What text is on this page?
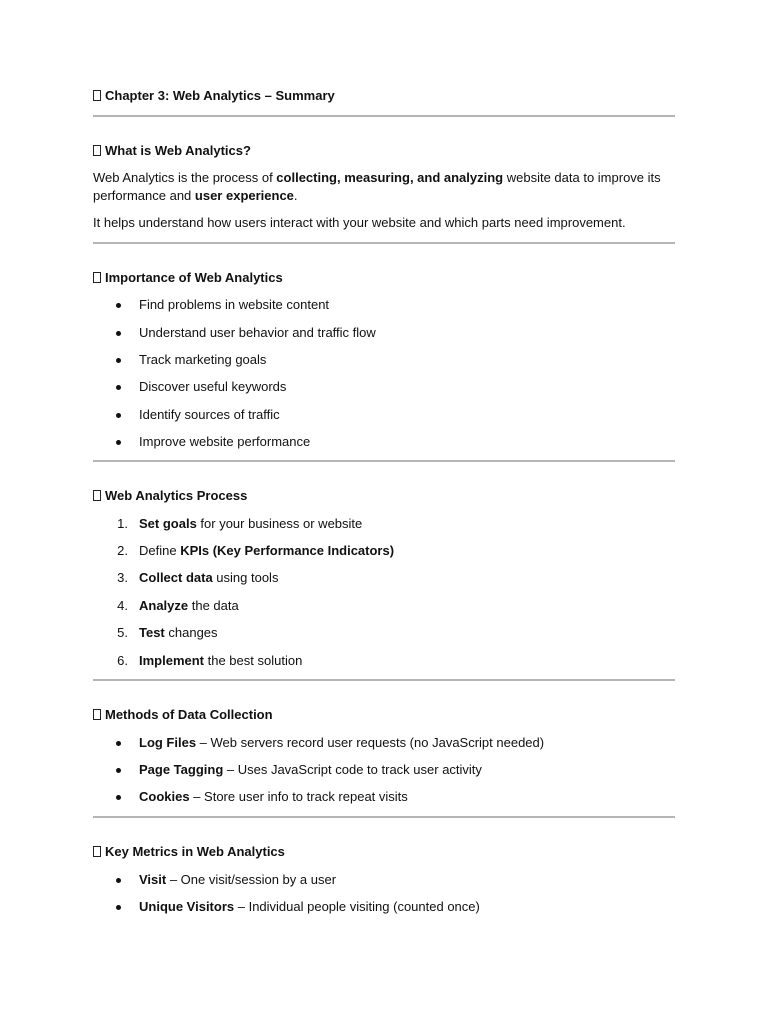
Chapter 3: Web Analytics – Summary
What is Web Analytics?
Web Analytics is the process of collecting, measuring, and analyzing website data to improve its
performance and user experience.
It helps understand how users interact with your website and which parts need improvement.
Importance of Web Analytics
Find problems in website content
Understand user behavior and traffic flow
Track marketing goals
Discover useful keywords
Identify sources of traffic
Improve website performance
Web Analytics Process
1. Set goals for your business or website
2. Define KPIs (Key Performance Indicators)
3. Collect data using tools
4. Analyze the data
5. Test changes
6. Implement the best solution
Methods of Data Collection
Log Files – Web servers record user requests (no JavaScript needed)
Page Tagging – Uses JavaScript code to track user activity
Cookies – Store user info to track repeat visits
Key Metrics in Web Analytics
Visit – One visit/session by a user
Unique Visitors – Individual people visiting (counted once)
